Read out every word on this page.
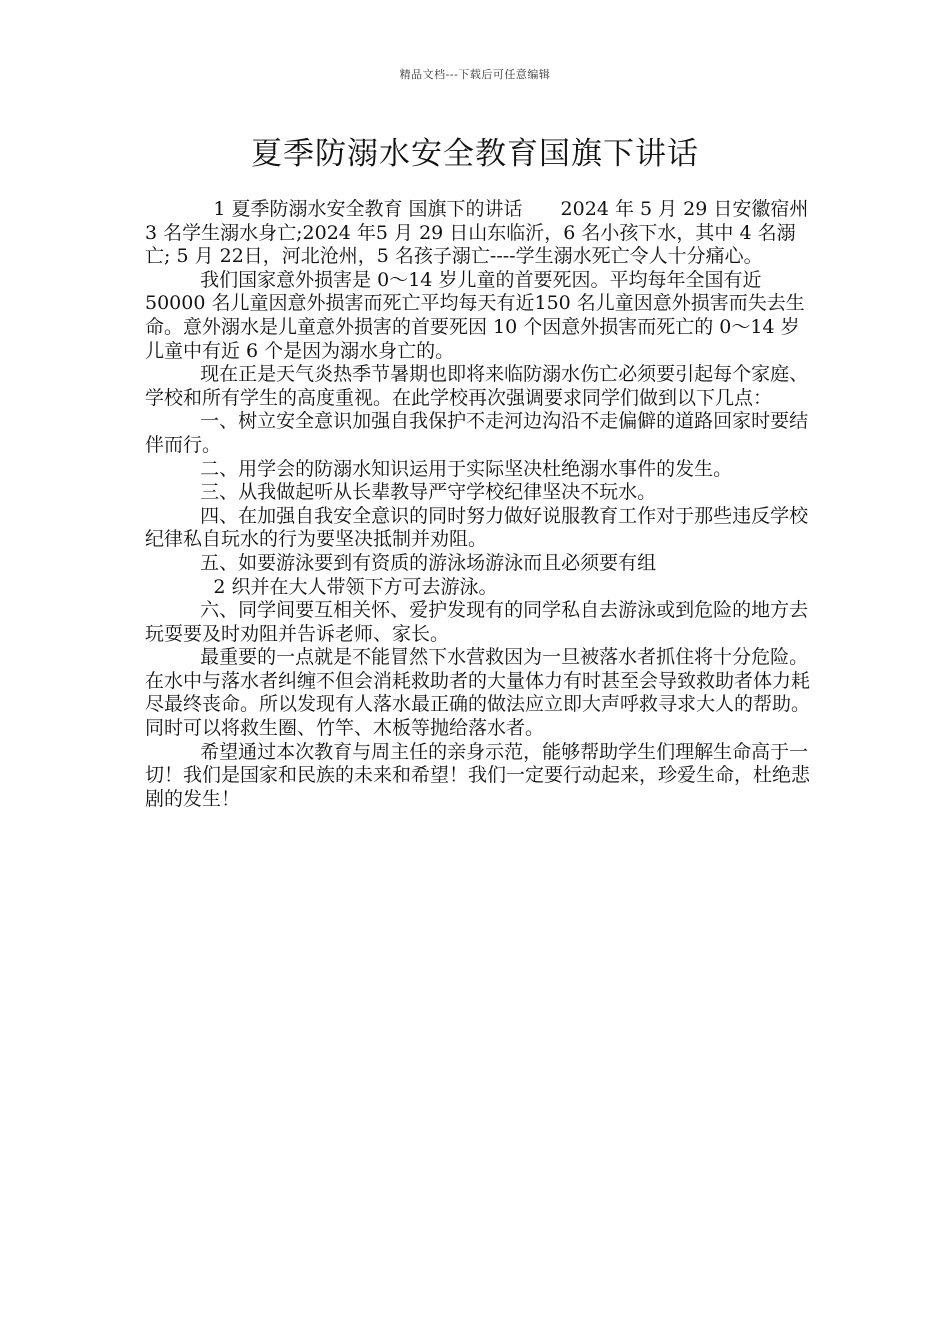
精品文档---下载后可任意编辑
夏季防溺水安全教育国旗下讲话

1 夏季防溺水安全教育 国旗下的讲话　　2024 年 5 月 29 日安徽宿州 3 名学生溺水身亡;2024 年5 月 29 日山东临沂，6 名小孩下水，其中 4 名溺亡; 5 月 22日，河北沧州，5 名孩子溺亡----学生溺水死亡令人十分痛心。

我们国家意外损害是 0～14 岁儿童的首要死因。平均每年全国有近 50000 名儿童因意外损害而死亡平均每天有近150 名儿童因意外损害而失去生命。意外溺水是儿童意外损害的首要死因 10 个因意外损害而死亡的 0～14 岁儿童中有近 6 个是因为溺水身亡的。

现在正是天气炎热季节暑期也即将来临防溺水伤亡必须要引起每个家庭、学校和所有学生的高度重视。在此学校再次强调要求同学们做到以下几点：

一、树立安全意识加强自我保护不走河边沟沿不走偏僻的道路回家时要结伴而行。

二、用学会的防溺水知识运用于实际坚决杜绝溺水事件的发生。

三、从我做起听从长辈教导严守学校纪律坚决不玩水。

四、在加强自我安全意识的同时努力做好说服教育工作对于那些违反学校纪律私自玩水的行为要坚决抵制并劝阻。

五、如要游泳要到有资质的游泳场游泳而且必须要有组

2 织并在大人带领下方可去游泳。

六、同学间要互相关怀、爱护发现有的同学私自去游泳或到危险的地方去玩耍要及时劝阻并告诉老师、家长。

最重要的一点就是不能冒然下水营救因为一旦被落水者抓住将十分危险。在水中与落水者纠缠不但会消耗救助者的大量体力有时甚至会导致救助者体力耗尽最终丧命。所以发现有人落水最正确的做法应立即大声呼救寻求大人的帮助。同时可以将救生圈、竹竿、木板等抛给落水者。

希望通过本次教育与周主任的亲身示范，能够帮助学生们理解生命高于一切！我们是国家和民族的未来和希望！我们一定要行动起来，珍爱生命，杜绝悲剧的发生！
